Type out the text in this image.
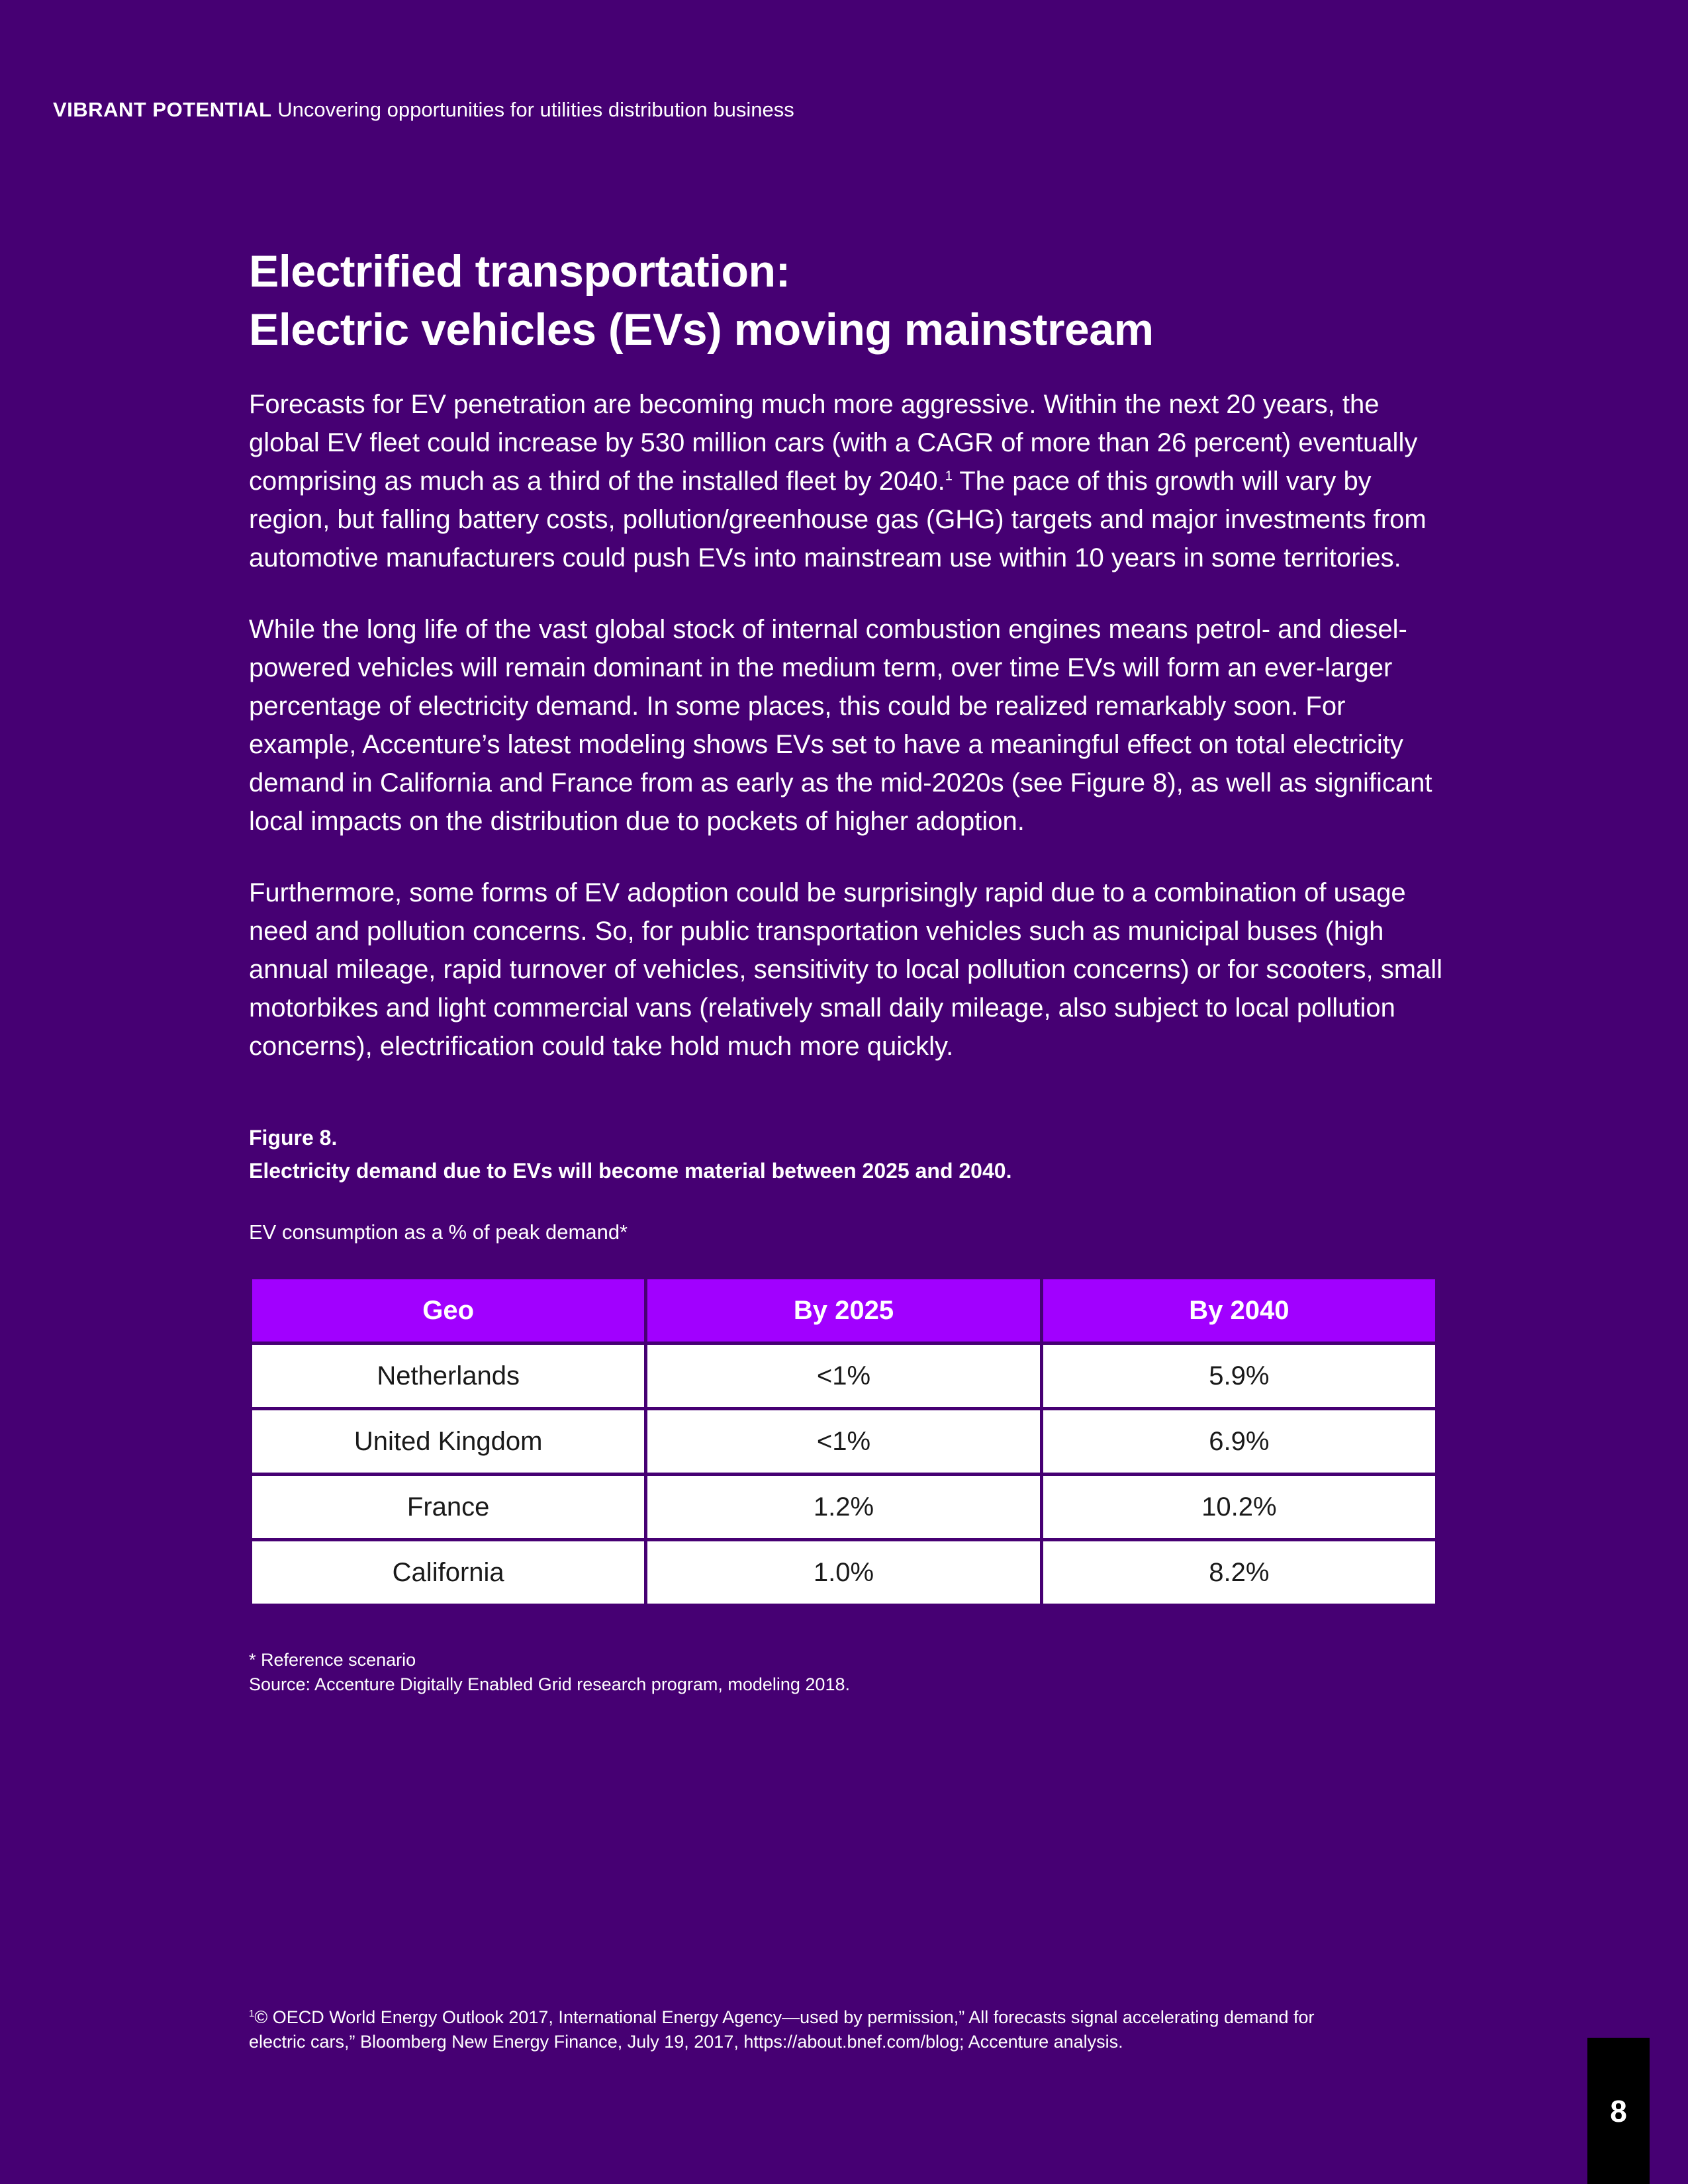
VIBRANT POTENTIAL Uncovering opportunities for utilities distribution business
Electrified transportation:
Electric vehicles (EVs) moving mainstream

Forecasts for EV penetration are becoming much more aggressive. Within the next 20 years, the global EV fleet could increase by 530 million cars (with a CAGR of more than 26 percent) eventually comprising as much as a third of the installed fleet by 2040.$^1$ The pace of this growth will vary by region, but falling battery costs, pollution/greenhouse gas (GHG) targets and major investments from automotive manufacturers could push EVs into mainstream use within 10 years in some territories.

While the long life of the vast global stock of internal combustion engines means petrol- and diesel-powered vehicles will remain dominant in the medium term, over time EVs will form an ever-larger percentage of electricity demand. In some places, this could be realized remarkably soon. For example, Accenture’s latest modeling shows EVs set to have a meaningful effect on total electricity demand in California and France from as early as the mid-2020s (see Figure 8), as well as significant local impacts on the distribution due to pockets of higher adoption.

Furthermore, some forms of EV adoption could be surprisingly rapid due to a combination of usage need and pollution concerns. So, for public transportation vehicles such as municipal buses (high annual mileage, rapid turnover of vehicles, sensitivity to local pollution concerns) or for scooters, small motorbikes and light commercial vans (relatively small daily mileage, also subject to local pollution concerns), electrification could take hold much more quickly.

Figure 8.
Electricity demand due to EVs will become material between 2025 and 2040.
EV consumption as a % of peak demand*
Geo	By 2025	By 2040
Netherlands	<1%	5.9%
United Kingdom	<1%	6.9%
France	1.2%	10.2%
California	1.0%	8.2%
* Reference scenario
Source: Accenture Digitally Enabled Grid research program, modeling 2018.
$^1$© OECD World Energy Outlook 2017, International Energy Agency—used by permission,” All forecasts signal accelerating demand for electric cars,” Bloomberg New Energy Finance, July 19, 2017, https://about.bnef.com/blog; Accenture analysis.
8
